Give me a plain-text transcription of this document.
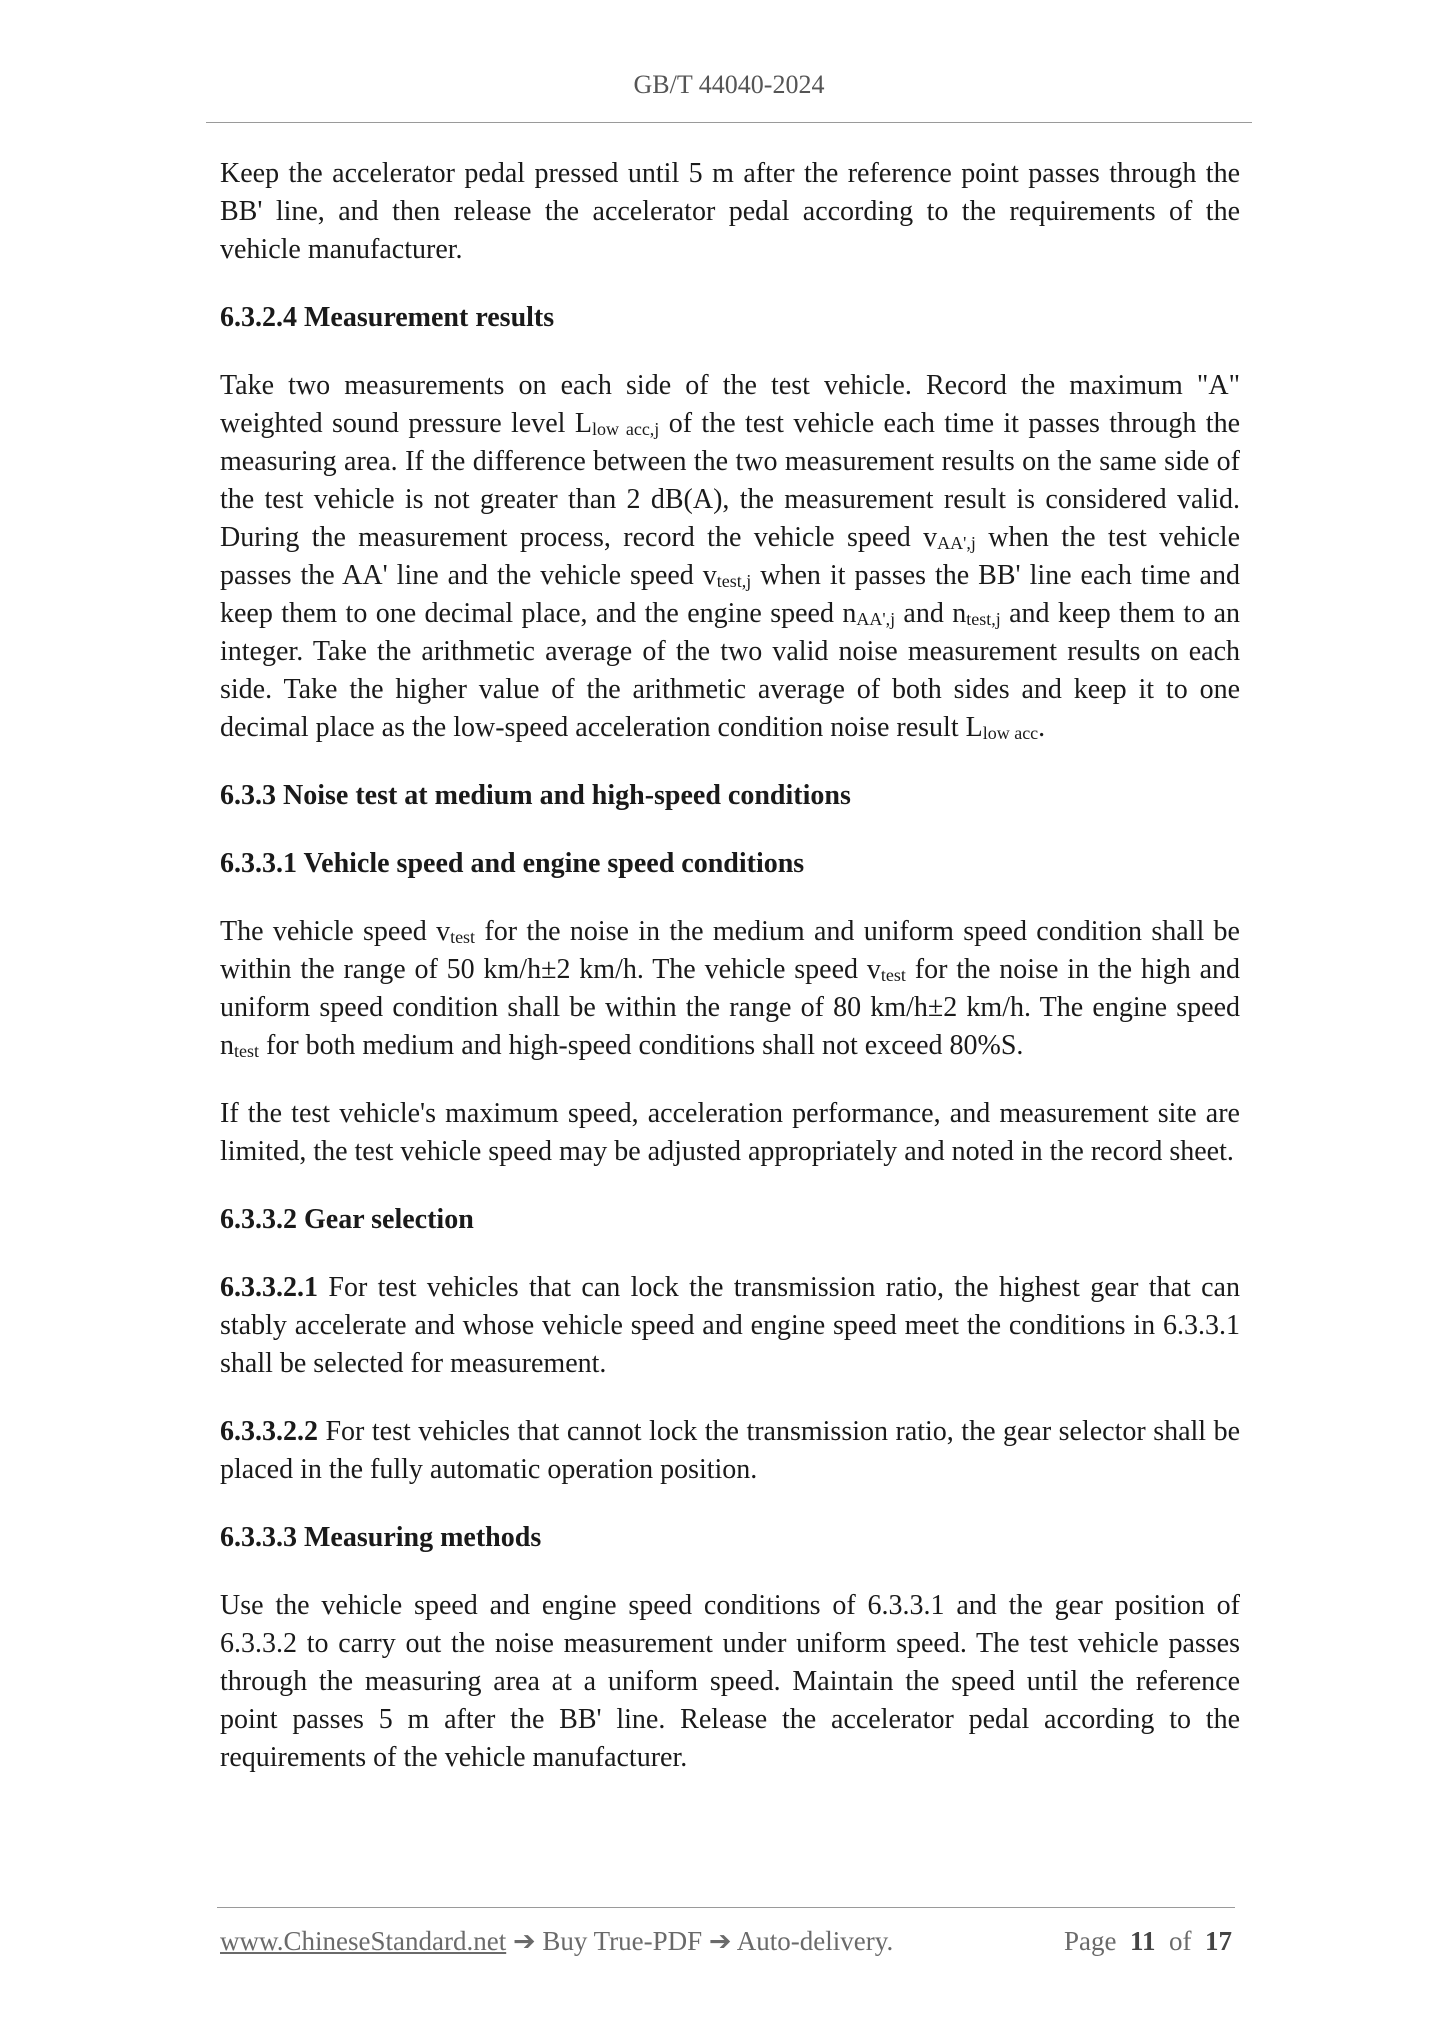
GB/T 44040-2024

Keep the accelerator pedal pressed until 5 m after the reference point passes through the BB' line, and then release the accelerator pedal according to the requirements of the vehicle manufacturer.

6.3.2.4 Measurement results

Take two measurements on each side of the test vehicle. Record the maximum "A" weighted sound pressure level $L_{low acc,j}$ of the test vehicle each time it passes through the measuring area. If the difference between the two measurement results on the same side of the test vehicle is not greater than 2 dB(A), the measurement result is considered valid. During the measurement process, record the vehicle speed $v_{AA',j}$ when the test vehicle passes the AA' line and the vehicle speed $v_{test,j}$ when it passes the BB' line each time and keep them to one decimal place, and the engine speed $n_{AA',j}$ and $n_{test,j}$ and keep them to an integer. Take the arithmetic average of the two valid noise measurement results on each side. Take the higher value of the arithmetic average of both sides and keep it to one decimal place as the low-speed acceleration condition noise result $L_{low acc}$.

6.3.3 Noise test at medium and high-speed conditions
6.3.3.1 Vehicle speed and engine speed conditions

The vehicle speed $v_{test}$ for the noise in the medium and uniform speed condition shall be within the range of 50 km/h±2 km/h. The vehicle speed $v_{test}$ for the noise in the high and uniform speed condition shall be within the range of 80 km/h±2 km/h. The engine speed $n_{test}$ for both medium and high-speed conditions shall not exceed 80%S.

If the test vehicle's maximum speed, acceleration performance, and measurement site are limited, the test vehicle speed may be adjusted appropriately and noted in the record sheet.

6.3.3.2 Gear selection

6.3.3.2.1 For test vehicles that can lock the transmission ratio, the highest gear that can stably accelerate and whose vehicle speed and engine speed meet the conditions in 6.3.3.1 shall be selected for measurement.

6.3.3.2.2 For test vehicles that cannot lock the transmission ratio, the gear selector shall be placed in the fully automatic operation position.

6.3.3.3 Measuring methods

Use the vehicle speed and engine speed conditions of 6.3.3.1 and the gear position of 6.3.3.2 to carry out the noise measurement under uniform speed. The test vehicle passes through the measuring area at a uniform speed. Maintain the speed until the reference point passes 5 m after the BB' line. Release the accelerator pedal according to the requirements of the vehicle manufacturer.

www.ChineseStandard.net ➔ Buy True-PDF ➔ Auto-delivery.	Page 11 of 17
